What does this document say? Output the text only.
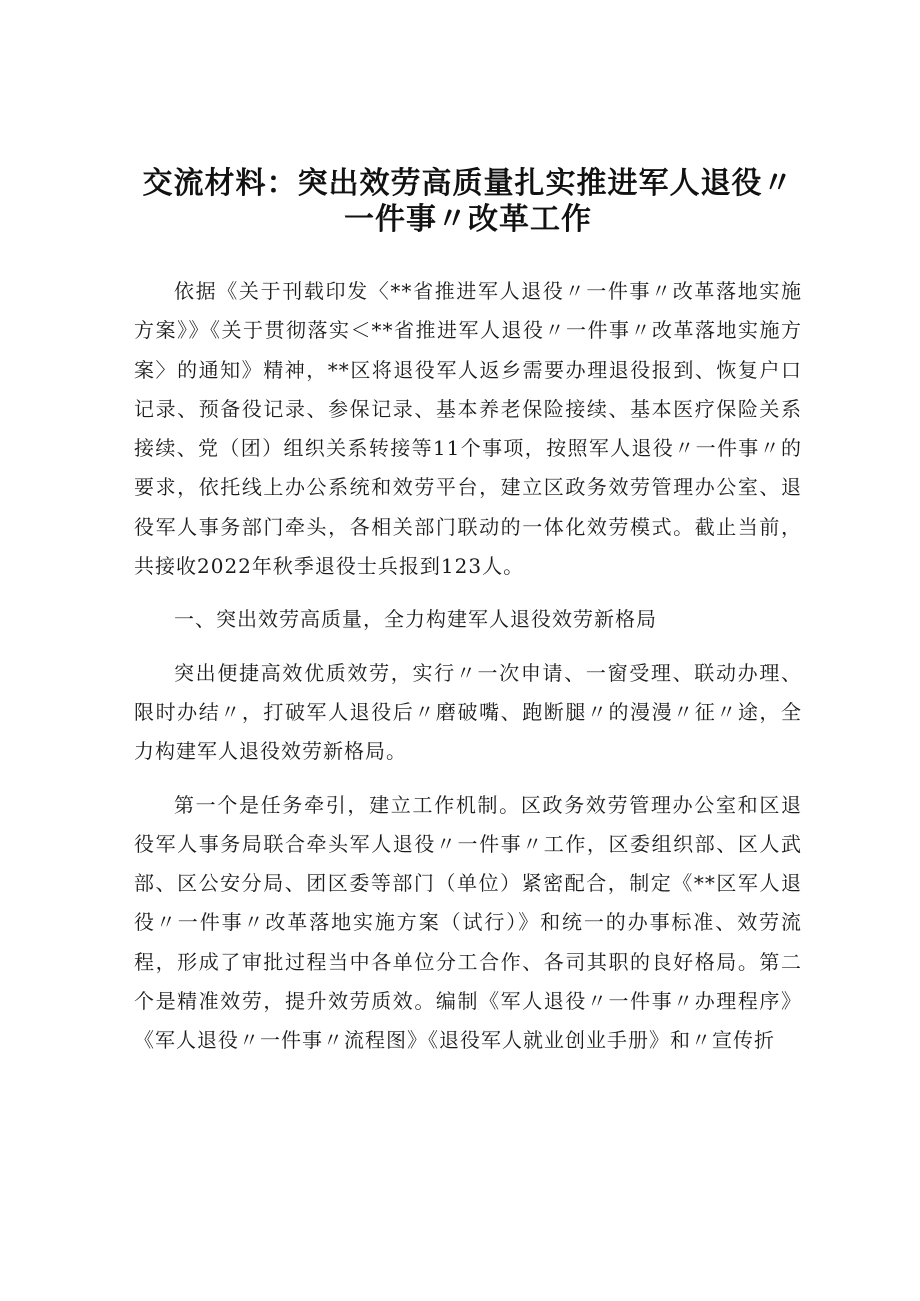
交流材料：突出效劳高质量扎实推进军人退役〃
一件事〃改革工作

依据《关于刊载印发〈**省推进军人退役〃一件事〃改革落地实施方案》》《关于贯彻落实＜**省推进军人退役〃一件事〃改革落地实施方案〉的通知》精神，**区将退役军人返乡需要办理退役报到、恢复户口记录、预备役记录、参保记录、基本养老保险接续、基本医疗保险关系接续、党（团）组织关系转接等11个事项，按照军人退役〃一件事〃的要求，依托线上办公系统和效劳平台，建立区政务效劳管理办公室、退役军人事务部门牵头，各相关部门联动的一体化效劳模式。截止当前，共接收2022年秋季退役士兵报到123人。

一、突出效劳高质量，全力构建军人退役效劳新格局

突出便捷高效优质效劳，实行〃一次申请、一窗受理、联动办理、限时办结〃，打破军人退役后〃磨破嘴、跑断腿〃的漫漫〃征〃途，全力构建军人退役效劳新格局。

第一个是任务牵引，建立工作机制。区政务效劳管理办公室和区退役军人事务局联合牵头军人退役〃一件事〃工作，区委组织部、区人武部、区公安分局、团区委等部门（单位）紧密配合，制定《**区军人退役〃一件事〃改革落地实施方案（试行）》和统一的办事标准、效劳流程，形成了审批过程当中各单位分工合作、各司其职的良好格局。第二个是精准效劳，提升效劳质效。编制《军人退役〃一件事〃办理程序》《军人退役〃一件事〃流程图》《退役军人就业创业手册》和〃宣传折
